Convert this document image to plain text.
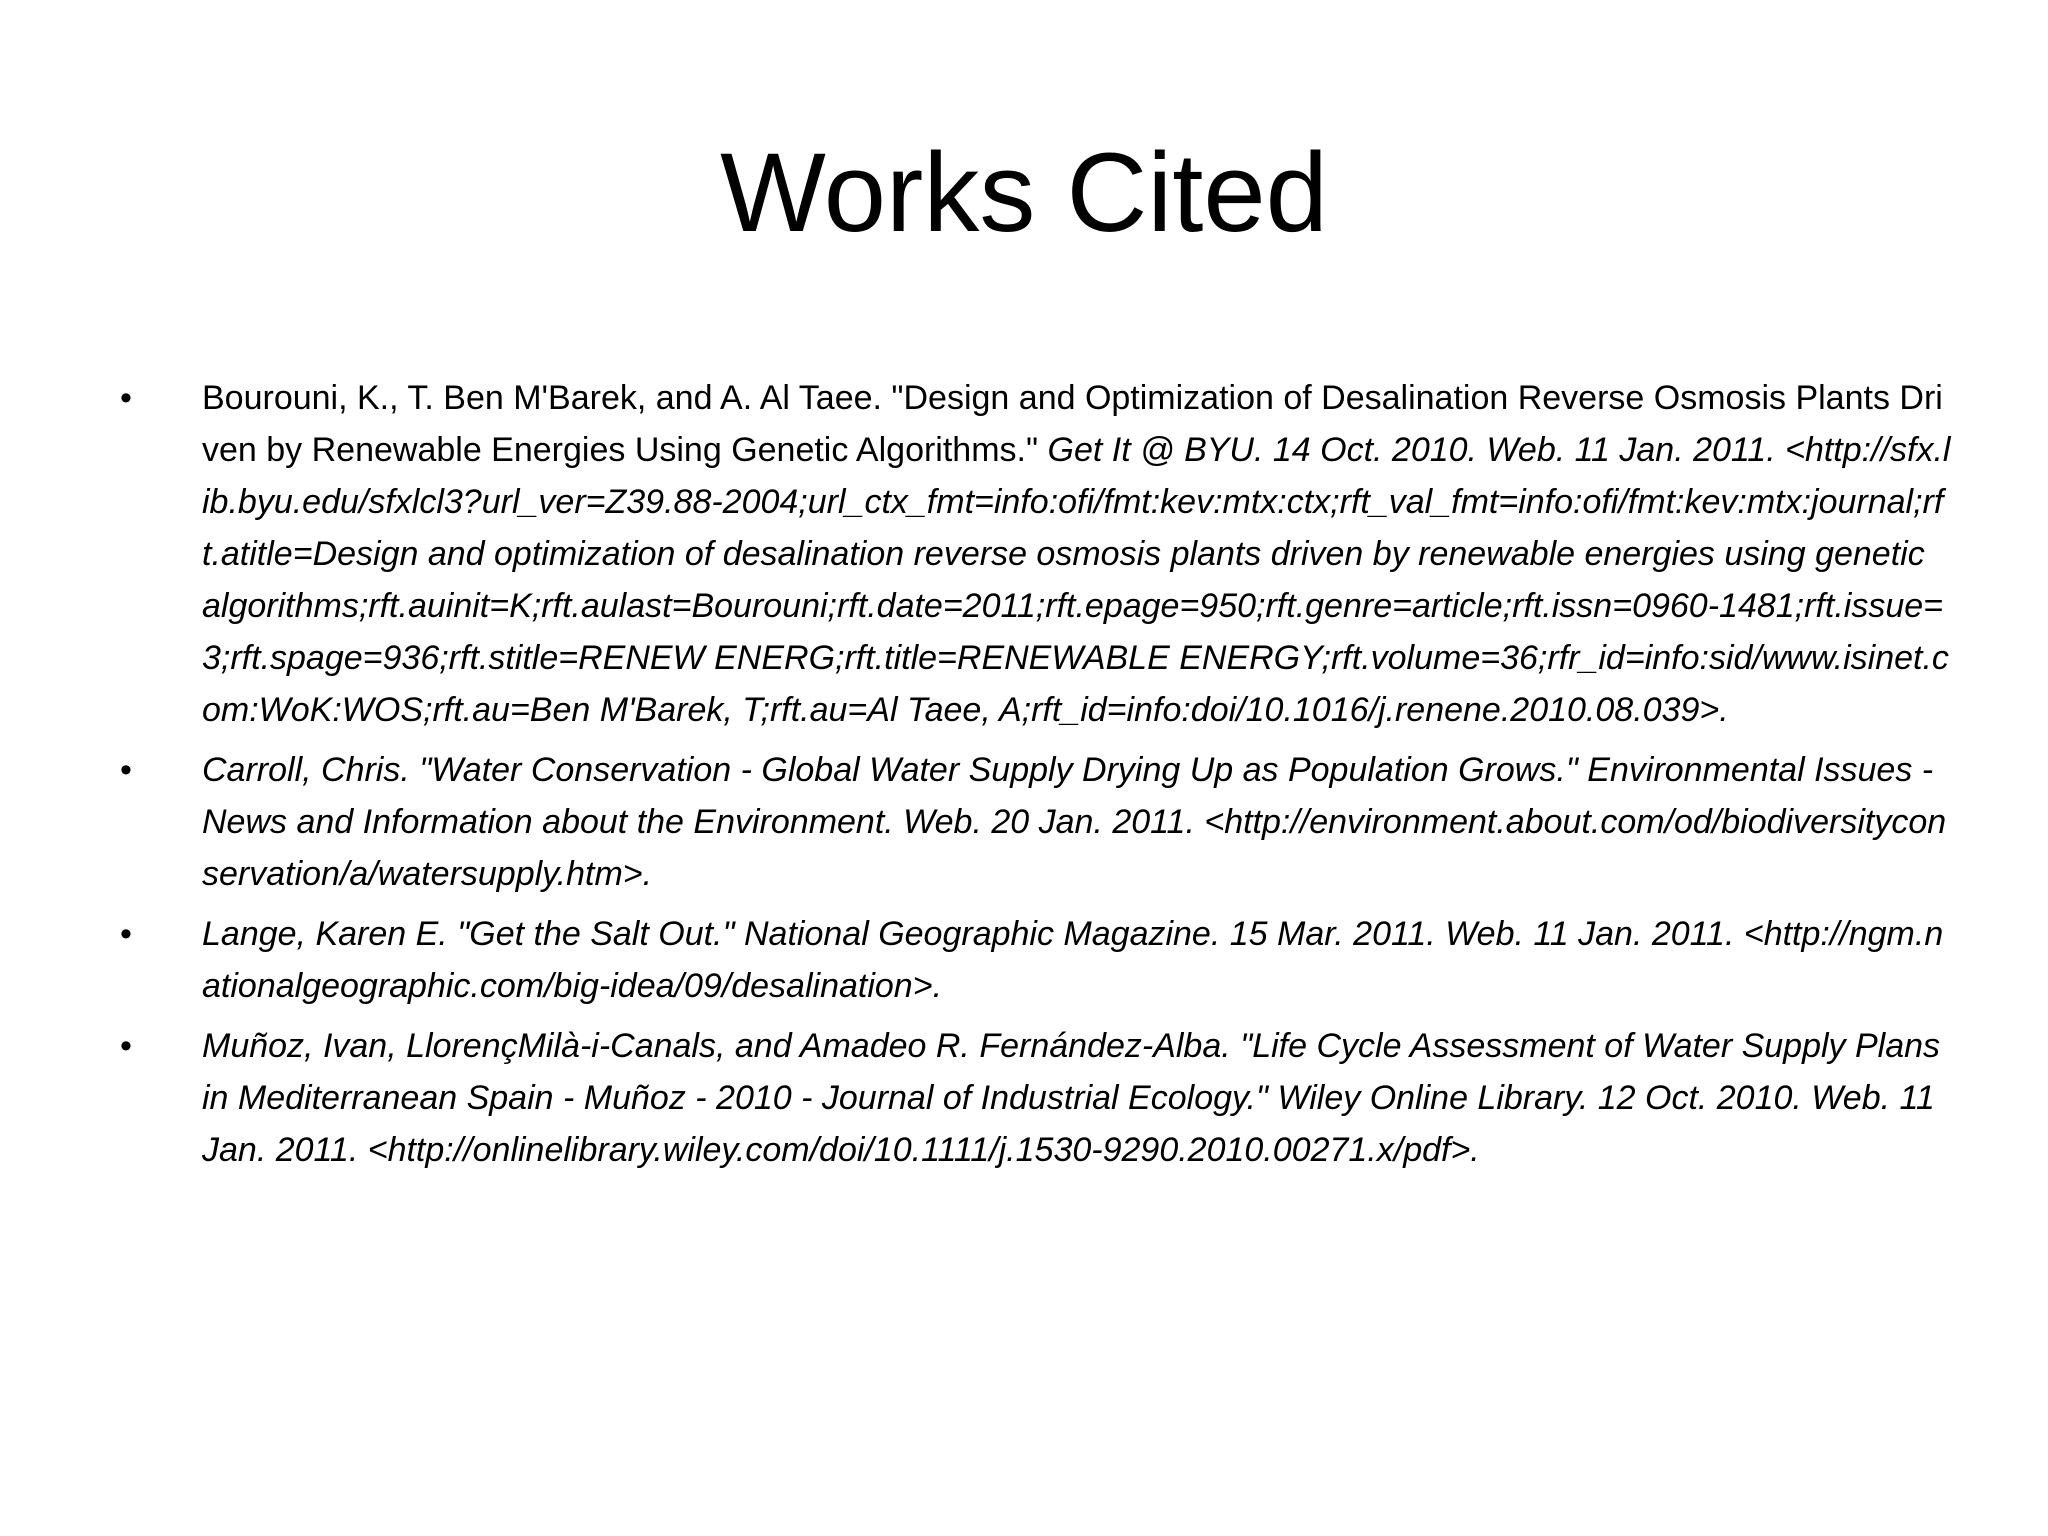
Works Cited
•	Bourouni, K., T. Ben M'Barek, and A. Al Taee. "Design and Optimization of Desalination Reverse Osmosis Plants Driven by Renewable Energies Using Genetic Algorithms." Get It @ BYU. 14 Oct. 2010. Web. 11 Jan. 2011. <http://sfx.lib.byu.edu/sfxlcl3?url_ver=Z39.88-2004;url_ctx_fmt=info:ofi/fmt:kev:mtx:ctx;rft_val_fmt=info:ofi/fmt:kev:mtx:journal;rft.atitle=Design and optimization of desalination reverse osmosis plants driven by renewable energies using genetic algorithms;rft.auinit=K;rft.aulast=Bourouni;rft.date=2011;rft.epage=950;rft.genre=article;rft.issn=0960-1481;rft.issue=3;rft.spage=936;rft.stitle=RENEW ENERG;rft.title=RENEWABLE ENERGY;rft.volume=36;rfr_id=info:sid/www.isinet.com:WoK:WOS;rft.au=Ben M'Barek, T;rft.au=Al Taee, A;rft_id=info:doi/10.1016/j.renene.2010.08.039>.
•	Carroll, Chris. "Water Conservation - Global Water Supply Drying Up as Population Grows." Environmental Issues - News and Information about the Environment. Web. 20 Jan. 2011. <http://environment.about.com/od/biodiversityconservation/a/watersupply.htm>.
•	Lange, Karen E. "Get the Salt Out." National Geographic Magazine. 15 Mar. 2011. Web. 11 Jan. 2011. <http://ngm.nationalgeographic.com/big-idea/09/desalination>.
•	Muñoz, Ivan, LlorençMilà-i-Canals, and Amadeo R. Fernández-Alba. "Life Cycle Assessment of Water Supply Plans in Mediterranean Spain - Muñoz - 2010 - Journal of Industrial Ecology." Wiley Online Library. 12 Oct. 2010. Web. 11 Jan. 2011. <http://onlinelibrary.wiley.com/doi/10.1111/j.1530-9290.2010.00271.x/pdf>.
